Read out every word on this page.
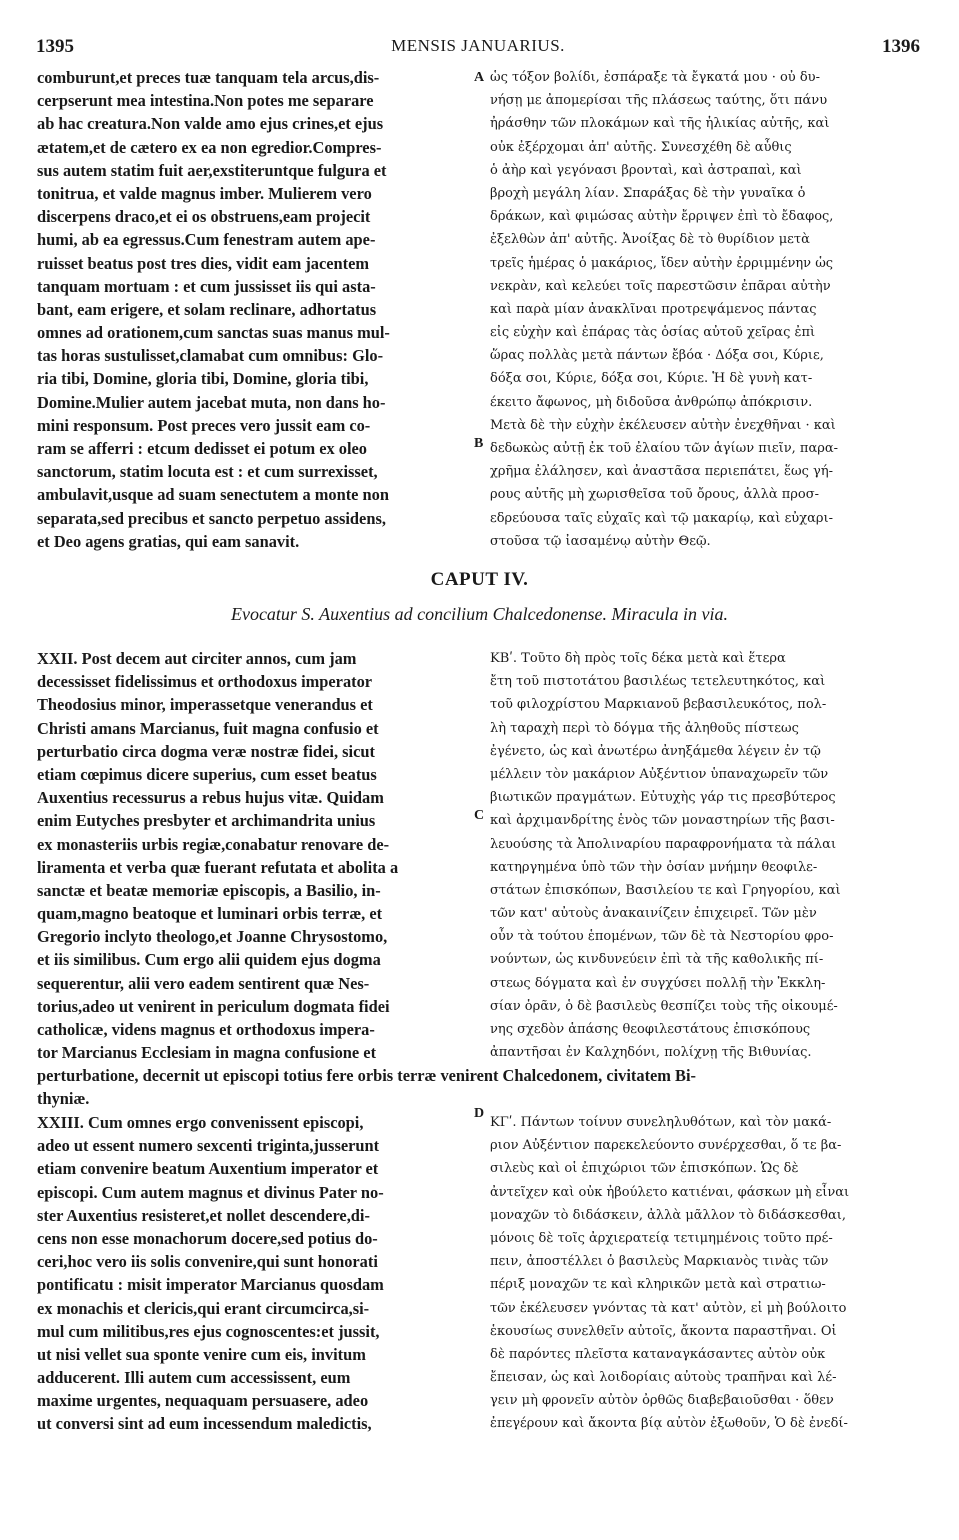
1395	MENSIS JANUARIUS.	1396
A
B
C
D
comburunt,et preces tuæ tanquam tela arcus,dis-
cerpserunt mea intestina.Non potes me separare
ab hac creatura.Non valde amo ejus crines,et ejus
ætatem,et de cætero ex ea non egredior.Compres-
sus autem statim fuit aer,exstiteruntque fulgura et
tonitrua, et valde magnus imber. Mulierem vero
discerpens draco,et ei os obstruens,eam projecit
humi, ab ea egressus.Cum fenestram autem ape-
ruisset beatus post tres dies, vidit eam jacentem
tanquam mortuam : et cum jussisset iis qui asta-
bant, eam erigere, et solam reclinare, adhortatus
omnes ad orationem,cum sanctas suas manus mul-
tas horas sustulisset,clamabat cum omnibus: Glo-
ria tibi, Domine, gloria tibi, Domine, gloria tibi,
Domine.Mulier autem jacebat muta, non dans ho-
mini responsum. Post preces vero jussit eam co-
ram se afferri : etcum dedisset ei potum ex oleo
sanctorum, statim locuta est : et cum surrexisset,
ambulavit,usque ad suam senectutem a monte non
separata,sed precibus et sancto perpetuo assidens,
et Deo agens gratias, qui eam sanavit.
ὡς τόξον βολίδι, ἐσπάραξε τὰ ἔγκατά μου · οὐ δυ-
νήσῃ με ἀπομερίσαι τῆς πλάσεως ταύτης, ὅτι πάνυ
ἠράσθην τῶν πλοκάμων καὶ τῆς ἡλικίας αὐτῆς, καὶ
οὐκ ἐξέρχομαι ἀπ' αὐτῆς. Συνεσχέθη δὲ αὖθις
ὁ ἀὴρ καὶ γεγόνασι βρονταὶ, καὶ ἀστραπαὶ, καὶ
βροχὴ μεγάλη λίαν. Σπαράξας δὲ τὴν γυναῖκα ὁ
δράκων, καὶ φιμώσας αὐτὴν ἔρριψεν ἐπὶ τὸ ἔδαφος,
ἐξελθὼν ἀπ' αὐτῆς. Ἀνοίξας δὲ τὸ θυρίδιον μετὰ
τρεῖς ἡμέρας ὁ μακάριος, ἴδεν αὐτὴν ἐρριμμένην ὡς
νεκρὰν, καὶ κελεύει τοῖς παρεστῶσιν ἐπᾶραι αὐτὴν
καὶ παρὰ μίαν ἀνακλῖναι προτρεψάμενος πάντας
εἰς εὐχὴν καὶ ἐπάρας τὰς ὁσίας αὐτοῦ χεῖρας ἐπὶ
ὥρας πολλὰς μετὰ πάντων ἔβόα · Δόξα σοι, Κύριε,
δόξα σοι, Κύριε, δόξα σοι, Κύριε. Ἡ δὲ γυνὴ κατ-
έκειτο ἄφωνος, μὴ διδοῦσα ἀνθρώπῳ ἀπόκρισιν.
Μετὰ δὲ τὴν εὐχὴν ἐκέλευσεν αὐτὴν ἐνεχθῆναι · καὶ
δεδωκὼς αὐτῇ ἐκ τοῦ ἐλαίου τῶν ἁγίων πιεῖν, παρα-
χρῆμα ἐλάλησεν, καὶ ἀναστᾶσα περιεπάτει, ἕως γή-
ρους αὐτῆς μὴ χωρισθεῖσα τοῦ ὄρους, ἀλλὰ προσ-
εδρεύουσα ταῖς εὐχαῖς καὶ τῷ μακαρίῳ, καὶ εὐχαρι-
στοῦσα τῷ ἰασαμένῳ αὐτὴν Θεῷ.
CAPUT IV.
Evocatur S. Auxentius ad concilium Chalcedonense. Miracula in via.
XXII. Post decem aut circiter annos, cum jam
decessisset fidelissimus et orthodoxus imperator
Theodosius minor, imperassetque venerandus et
Christi amans Marcianus, fuit magna confusio et
perturbatio circa dogma veræ nostræ fidei, sicut
etiam cœpimus dicere superius, cum esset beatus
Auxentius recessurus a rebus hujus vitæ. Quidam
enim Eutyches presbyter et archimandrita unius
ex monasteriis urbis regiæ,conabatur renovare de-
liramenta et verba quæ fuerant refutata et abolita a
sanctæ et beatæ memoriæ episcopis, a Basilio, in-
quam,magno beatoque et luminari orbis terræ, et
Gregorio inclyto theologo,et Joanne Chrysostomo,
et iis similibus. Cum ergo alii quidem ejus dogma
sequerentur, alii vero eadem sentirent quæ Nes-
torius,adeo ut venirent in periculum dogmata fidei
catholicæ, videns magnus et orthodoxus impera-
tor Marcianus Ecclesiam in magna confusione et
ΚΒʹ. Τοῦτο δὴ πρὸς τοῖς δέκα μετὰ καὶ ἕτερα
ἔτη τοῦ πιστοτάτου βασιλέως τετελευτηκότος, καὶ
τοῦ φιλοχρίστου Μαρκιανοῦ βεβασιλευκότος, πολ-
λὴ ταραχὴ περὶ τὸ δόγμα τῆς ἀληθοῦς πίστεως
ἐγένετο, ὡς καὶ ἀνωτέρω ἀνηξάμεθα λέγειν ἐν τῷ
μέλλειν τὸν μακάριον Αὐξέντιον ὑπαναχωρεῖν τῶν
βιωτικῶν πραγμάτων. Εὐτυχὴς γάρ τις πρεσβύτερος
καὶ ἀρχιμανδρίτης ἑνὸς τῶν μοναστηρίων τῆς βασι-
λευούσης τὰ Ἀπολιναρίου παραφρονήματα τὰ πάλαι
κατηργημένα ὑπὸ τῶν τὴν ὁσίαν μνήμην θεοφιλε-
στάτων ἐπισκόπων, Βασιλείου τε καὶ Γρηγορίου, καὶ
τῶν κατ' αὐτοὺς ἀνακαινίζειν ἐπιχειρεῖ. Τῶν μὲν
οὖν τὰ τούτου ἑπομένων, τῶν δὲ τὰ Νεστορίου φρο-
νούντων, ὡς κινδυνεύειν ἐπὶ τὰ τῆς καθολικῆς πί-
στεως δόγματα καὶ ἐν συγχύσει πολλῇ τὴν Ἐκκλη-
σίαν ὁρᾶν, ὁ δὲ βασιλεὺς θεσπίζει τοὺς τῆς οἰκουμέ-
νης σχεδὸν ἁπάσης θεοφιλεστάτους ἐπισκόπους
ἀπαντῆσαι ἐν Καλχηδόνι, πολίχνῃ τῆς Βιθυνίας.
perturbatione, decernit ut episcopi totius fere orbis terræ venirent Chalcedonem, civitatem Bi-
thyniæ.
XXIII. Cum omnes ergo convenissent episcopi,
adeo ut essent numero sexcenti triginta,jusserunt
etiam convenire beatum Auxentium imperator et
episcopi. Cum autem magnus et divinus Pater no-
ster Auxentius resisteret,et nollet descendere,di-
cens non esse monachorum docere,sed potius do-
ceri,hoc vero iis solis convenire,qui sunt honorati
pontificatu : misit imperator Marcianus quosdam
ex monachis et clericis,qui erant circumcirca,si-
mul cum militibus,res ejus cognoscentes:et jussit,
ut nisi vellet sua sponte venire cum eis, invitum
adducerent. Illi autem cum accessissent, eum
maxime urgentes, nequaquam persuasere, adeo
ut conversi sint ad eum incessendum maledictis,
ΚΓʹ. Πάντων τοίνυν συνεληλυθότων, καὶ τὸν μακά-
ριον Αὐξέντιον παρεκελεύοντο συνέρχεσθαι, ὅ τε βα-
σιλεὺς καὶ οἱ ἐπιχώριοι τῶν ἐπισκόπων. Ὡς δὲ
ἀντεῖχεν καὶ οὐκ ἠβούλετο κατιέναι, φάσκων μὴ εἶναι
μοναχῶν τὸ διδάσκειν, ἀλλὰ μᾶλλον τὸ διδάσκεσθαι,
μόνοις δὲ τοῖς ἀρχιερατείᾳ τετιμημένοις τοῦτο πρέ-
πειν, ἀποστέλλει ὁ βασιλεὺς Μαρκιανὸς τινὰς τῶν
πέριξ μοναχῶν τε καὶ κληρικῶν μετὰ καὶ στρατιω-
τῶν ἐκέλευσεν γνόντας τὰ κατ' αὐτὸν, εἰ μὴ βούλοιτο
ἑκουσίως συνελθεῖν αὐτοῖς, ἄκοντα παραστῆναι. Οἱ
δὲ παρόντες πλεῖστα καταναγκάσαντες αὐτὸν οὐκ
ἔπεισαν, ὡς καὶ λοιδορίαις αὐτοὺς τραπῆναι καὶ λέ-
γειν μὴ φρονεῖν αὐτὸν ὀρθῶς διαβεβαιοῦσθαι · ὅθεν
ἐπεγέρουν καὶ ἄκοντα βίᾳ αὐτὸν ἐξωθοῦν, Ὁ δὲ ἐνεδί-
